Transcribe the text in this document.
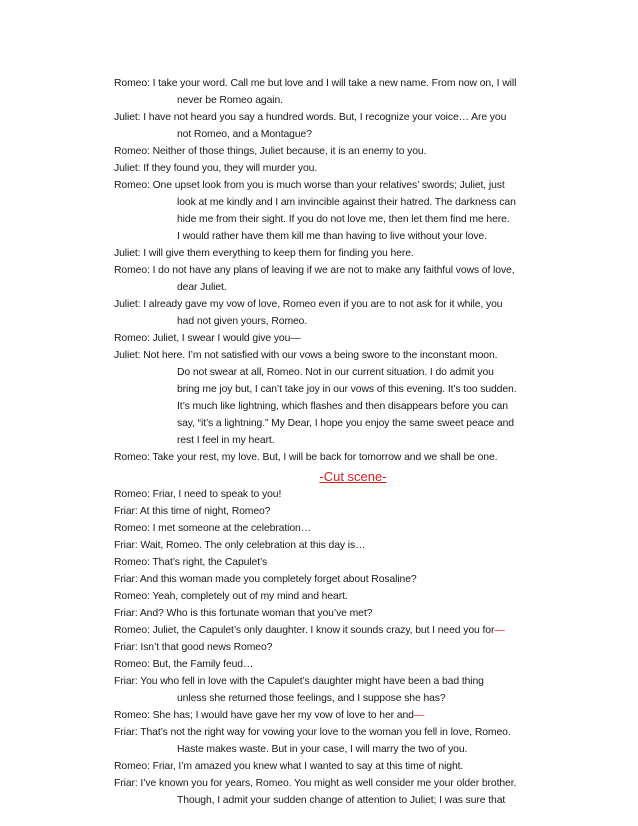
Romeo: I take your word. Call me but love and I will take a new name. From now on, I will
never be Romeo again.
Juliet: I have not heard you say a hundred words. But, I recognize your voice… Are you
not Romeo, and a Montague?
Romeo: Neither of those things, Juliet because, it is an enemy to you.
Juliet: If they found you, they will murder you.
Romeo: One upset look from you is much worse than your relatives’ swords; Juliet, just
look at me kindly and I am invincible against their hatred. The darkness can
hide me from their sight. If you do not love me, then let them find me here.
I would rather have them kill me than having to live without your love.
Juliet: I will give them everything to keep them for finding you here.
Romeo: I do not have any plans of leaving if we are not to make any faithful vows of love,
dear Juliet.
Juliet: I already gave my vow of love, Romeo even if you are to not ask for it while, you
had not given yours, Romeo.
Romeo: Juliet, I swear I would give you—
Juliet: Not here. I’m not satisfied with our vows a being swore to the inconstant moon.
Do not swear at all, Romeo. Not in our current situation. I do admit you
bring me joy but, I can’t take joy in our vows of this evening. It’s too sudden.
It’s much like lightning, which flashes and then disappears before you can
say, “it’s a lightning.” My Dear, I hope you enjoy the same sweet peace and
rest I feel in my heart.
Romeo: Take your rest, my love. But, I will be back for tomorrow and we shall be one.
-Cut scene-
Romeo: Friar, I need to speak to you!
Friar: At this time of night, Romeo?
Romeo: I met someone at the celebration…
Friar: Wait, Romeo. The only celebration at this day is…
Romeo: That’s right, the Capulet’s
Friar: And this woman made you completely forget about Rosaline?
Romeo: Yeah, completely out of my mind and heart.
Friar: And? Who is this fortunate woman that you’ve met?
Romeo: Juliet, the Capulet’s only daughter. I know it sounds crazy, but I need you for—
Friar: Isn’t that good news Romeo?
Romeo: But, the Family feud…
Friar: You who fell in love with the Capulet’s daughter might have been a bad thing
unless she returned those feelings, and I suppose she has?
Romeo: She has; I would have gave her my vow of love to her and—
Friar: That’s not the right way for vowing your love to the woman you fell in love, Romeo.
Haste makes waste. But in your case, I will marry the two of you.
Romeo: Friar, I’m amazed you knew what I wanted to say at this time of night.
Friar: I’ve known you for years, Romeo. You might as well consider me your older brother.
Though, I admit your sudden change of attention to Juliet; I was sure that
